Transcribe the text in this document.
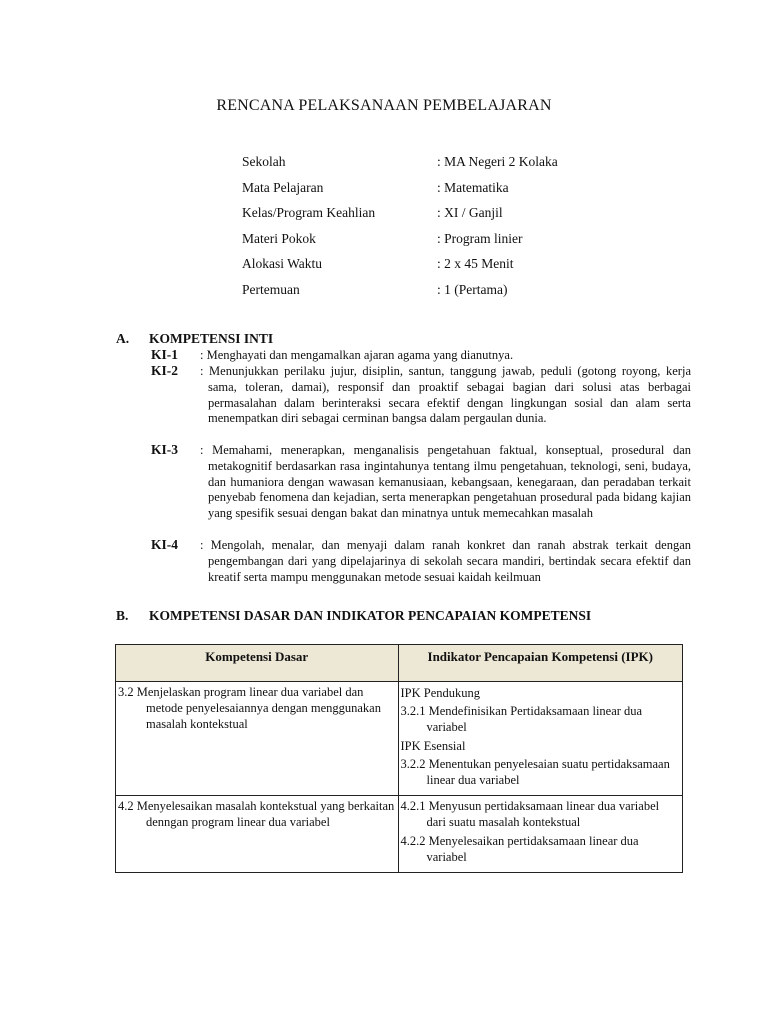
RENCANA PELAKSANAAN PEMBELAJARAN
Sekolah	: MA Negeri 2 Kolaka
Mata Pelajaran	: Matematika
Kelas/Program Keahlian	: XI / Ganjil
Materi Pokok	: Program linier
Alokasi Waktu	: 2 x 45 Menit
Pertemuan	: 1 (Pertama)
A. KOMPETENSI INTI
KI-1 : Menghayati dan mengamalkan ajaran agama yang dianutnya.
KI-2 : Menunjukkan perilaku jujur, disiplin, santun, tanggung jawab, peduli (gotong royong, kerja sama, toleran, damai), responsif dan proaktif sebagai bagian dari solusi atas berbagai permasalahan dalam berinteraksi secara efektif dengan lingkungan sosial dan alam serta menempatkan diri sebagai cerminan bangsa dalam pergaulan dunia.
KI-3 : Memahami, menerapkan, menganalisis pengetahuan faktual, konseptual, prosedural dan metakognitif berdasarkan rasa ingintahunya tentang ilmu pengetahuan, teknologi, seni, budaya, dan humaniora dengan wawasan kemanusiaan, kebangsaan, kenegaraan, dan peradaban terkait penyebab fenomena dan kejadian, serta menerapkan pengetahuan prosedural pada bidang kajian yang spesifik sesuai dengan bakat dan minatnya untuk memecahkan masalah
KI-4 : Mengolah, menalar, dan menyaji dalam ranah konkret dan ranah abstrak terkait dengan pengembangan dari yang dipelajarinya di sekolah secara mandiri, bertindak secara efektif dan kreatif serta mampu menggunakan metode sesuai kaidah keilmuan
B. KOMPETENSI DASAR DAN INDIKATOR PENCAPAIAN KOMPETENSI
Kompetensi Dasar	Indikator Pencapaian Kompetensi (IPK)

3.2 Menjelaskan program linear dua variabel dan metode penyelesaiannya dengan menggunakan masalah kontekstual	IPK Pendukung
3.2.1 Mendefinisikan Pertidaksamaan linear dua variabel
IPK Esensial
3.2.2 Menentukan penyelesaian suatu pertidaksamaan linear dua variabel

4.2 Menyelesaikan masalah kontekstual yang berkaitan denngan program linear dua variabel	4.2.1 Menyusun pertidaksamaan linear dua variabel dari suatu masalah kontekstual
4.2.2 Menyelesaikan pertidaksamaan linear dua variabel
